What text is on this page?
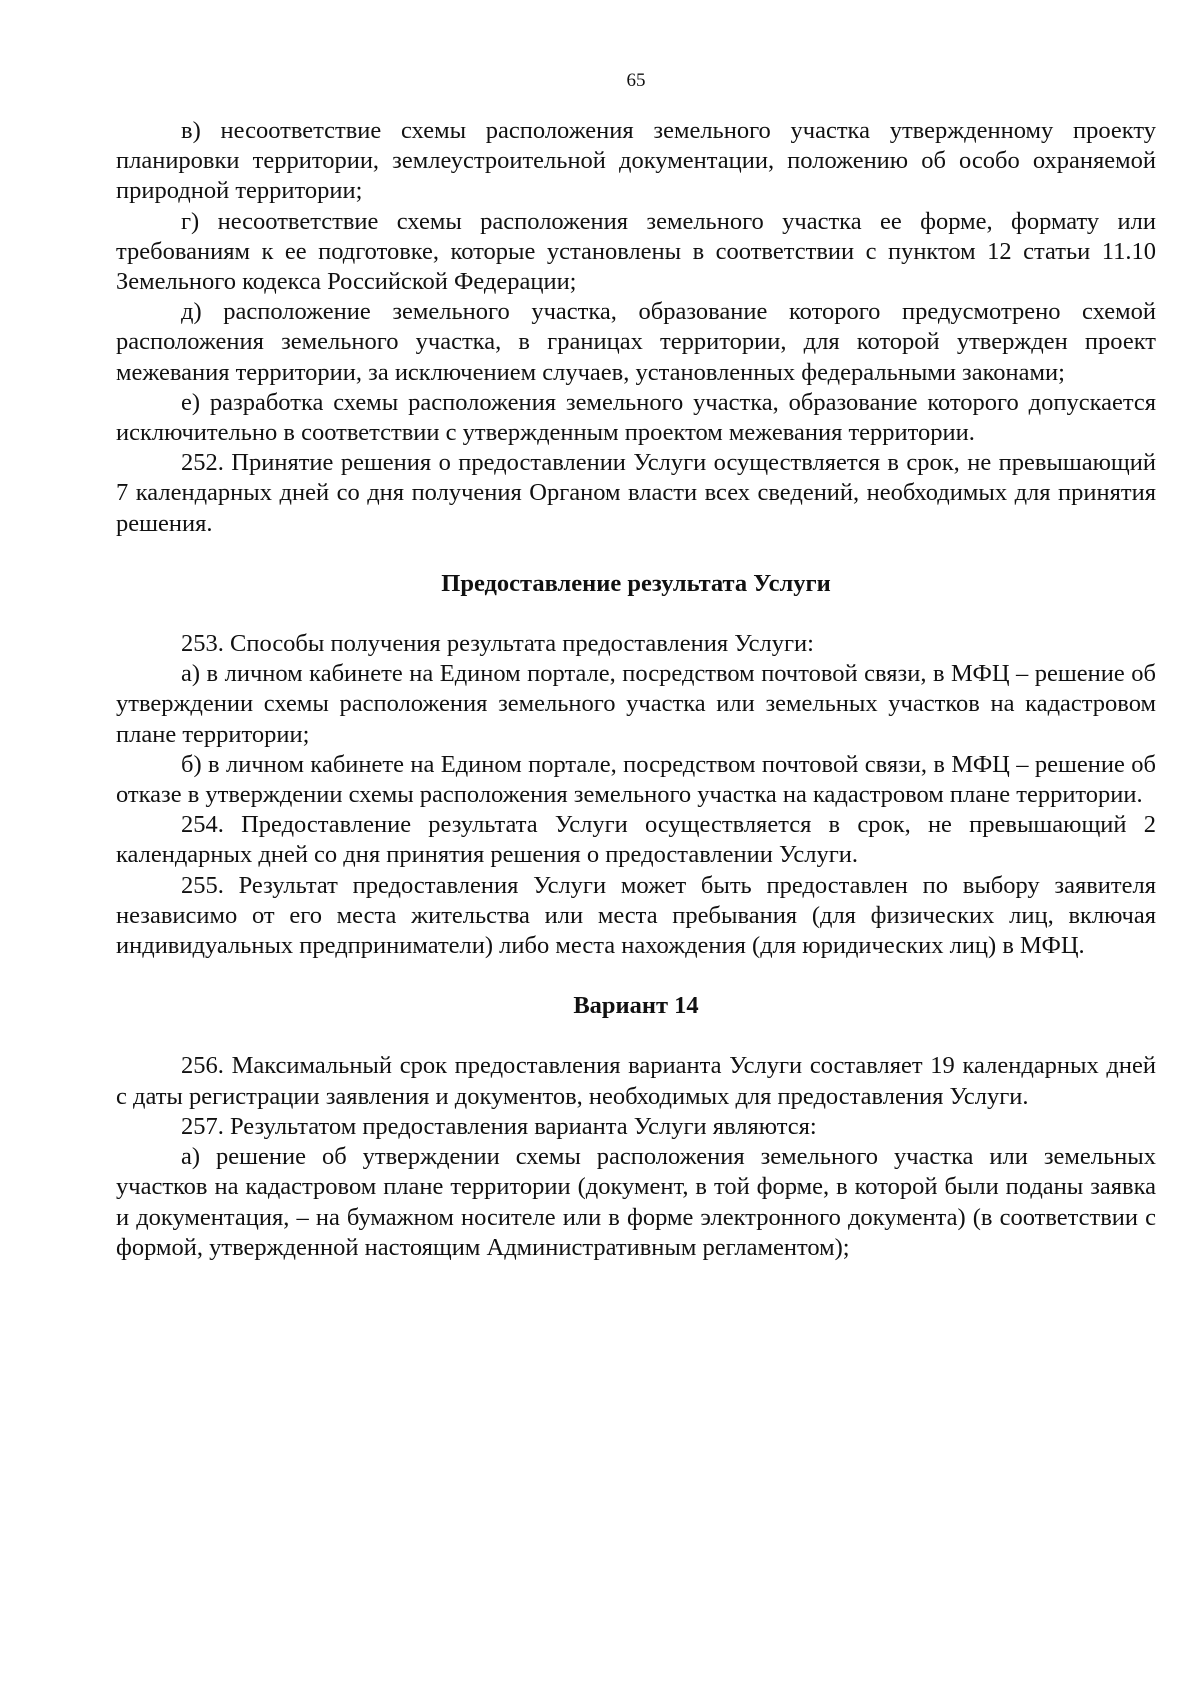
65

в) несоответствие схемы расположения земельного участка утвержденному проекту планировки территории, землеустроительной документации, положению об особо охраняемой природной территории;

г) несоответствие схемы расположения земельного участка ее форме, формату или требованиям к ее подготовке, которые установлены в соответствии с пунктом 12 статьи 11.10 Земельного кодекса Российской Федерации;

д) расположение земельного участка, образование которого предусмотрено схемой расположения земельного участка, в границах территории, для которой утвержден проект межевания территории, за исключением случаев, установленных федеральными законами;

е) разработка схемы расположения земельного участка, образование которого допускается исключительно в соответствии с утвержденным проектом межевания территории.

252. Принятие решения о предоставлении Услуги осуществляется в срок, не превышающий 7 календарных дней со дня получения Органом власти всех сведений, необходимых для принятия решения.

Предоставление результата Услуги

253. Способы получения результата предоставления Услуги:

а) в личном кабинете на Едином портале, посредством почтовой связи, в МФЦ – решение об утверждении схемы расположения земельного участка или земельных участков на кадастровом плане территории;

б) в личном кабинете на Едином портале, посредством почтовой связи, в МФЦ – решение об отказе в утверждении схемы расположения земельного участка на кадастровом плане территории.

254. Предоставление результата Услуги осуществляется в срок, не превышающий 2 календарных дней со дня принятия решения о предоставлении Услуги.

255. Результат предоставления Услуги может быть предоставлен по выбору заявителя независимо от его места жительства или места пребывания (для физических лиц, включая индивидуальных предприниматели) либо места нахождения (для юридических лиц) в МФЦ.

Вариант 14

256. Максимальный срок предоставления варианта Услуги составляет 19 календарных дней с даты регистрации заявления и документов, необходимых для предоставления Услуги.

257. Результатом предоставления варианта Услуги являются:

а) решение об утверждении схемы расположения земельного участка или земельных участков на кадастровом плане территории (документ, в той форме, в которой были поданы заявка и документация, – на бумажном носителе или в форме электронного документа) (в соответствии с формой, утвержденной настоящим Административным регламентом);
